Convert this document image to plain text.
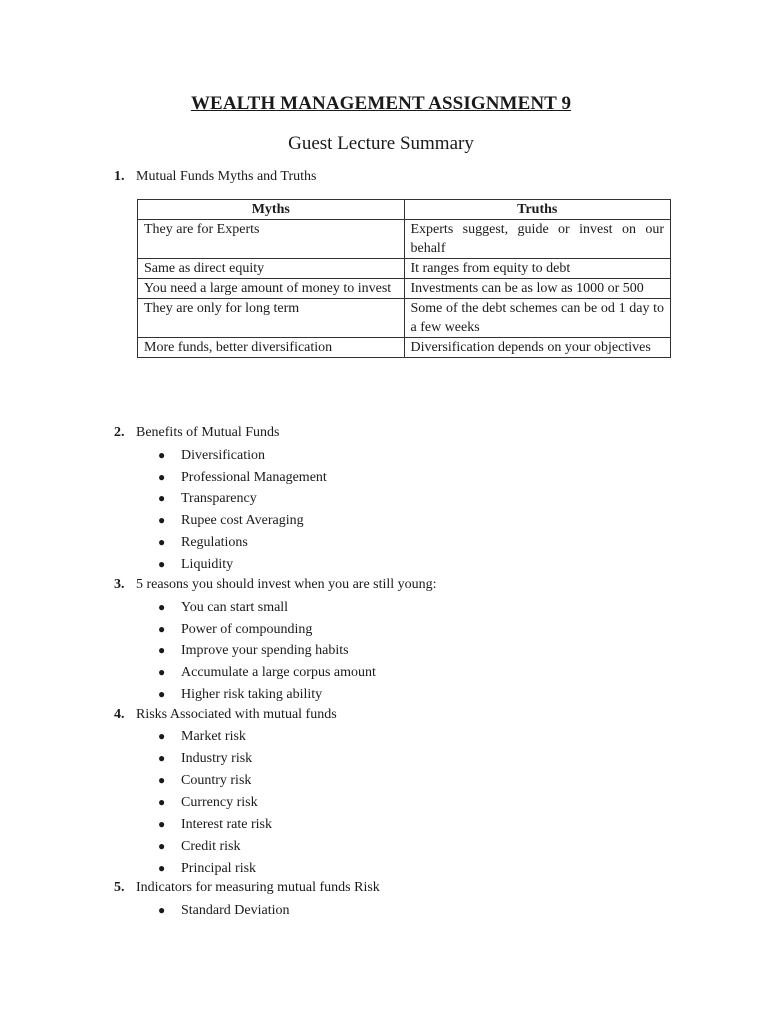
WEALTH MANAGEMENT ASSIGNMENT 9
Guest Lecture Summary
1. Mutual Funds Myths and Truths
Myths	Truths
They are for Experts	Experts suggest, guide or invest on our behalf
Same as direct equity	It ranges from equity to debt
You need a large amount of money to invest	Investments can be as low as 1000 or 500
They are only for long term	Some of the debt schemes can be od 1 day to a few weeks
More funds, better diversification	Diversification depends on your objectives
2. Benefits of Mutual Funds
● Diversification
● Professional Management
● Transparency
● Rupee cost Averaging
● Regulations
● Liquidity
3. 5 reasons you should invest when you are still young:
● You can start small
● Power of compounding
● Improve your spending habits
● Accumulate a large corpus amount
● Higher risk taking ability
4. Risks Associated with mutual funds
● Market risk
● Industry risk
● Country risk
● Currency risk
● Interest rate risk
● Credit risk
● Principal risk
5. Indicators for measuring mutual funds Risk
● Standard Deviation
